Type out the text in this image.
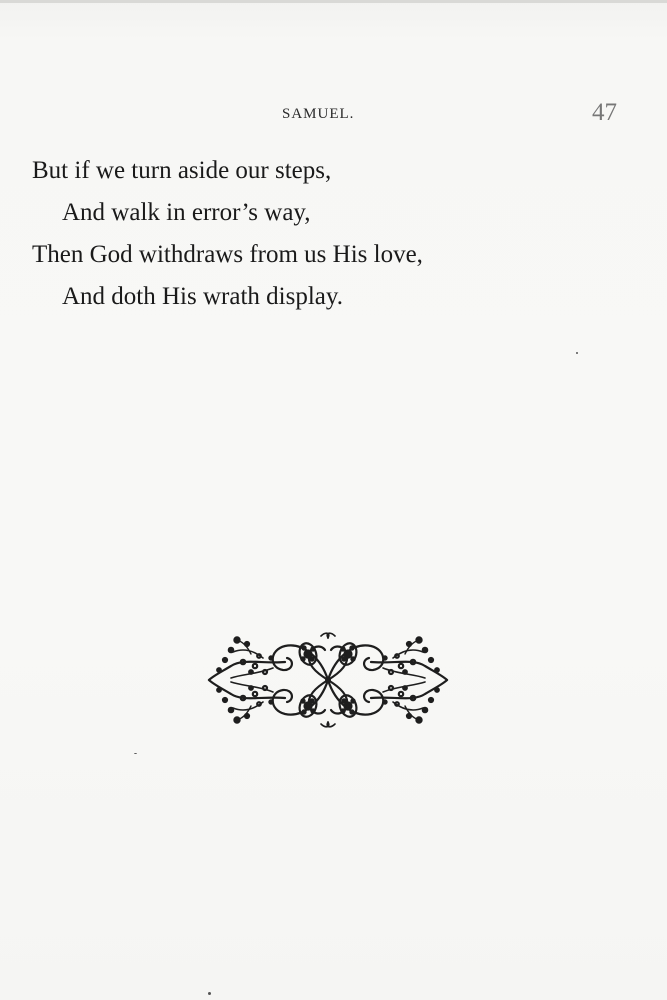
SAMUEL.	47
But if we turn aside our steps,
And walk in error’s way,
Then God withdraws from us His love,
And doth His wrath display.
